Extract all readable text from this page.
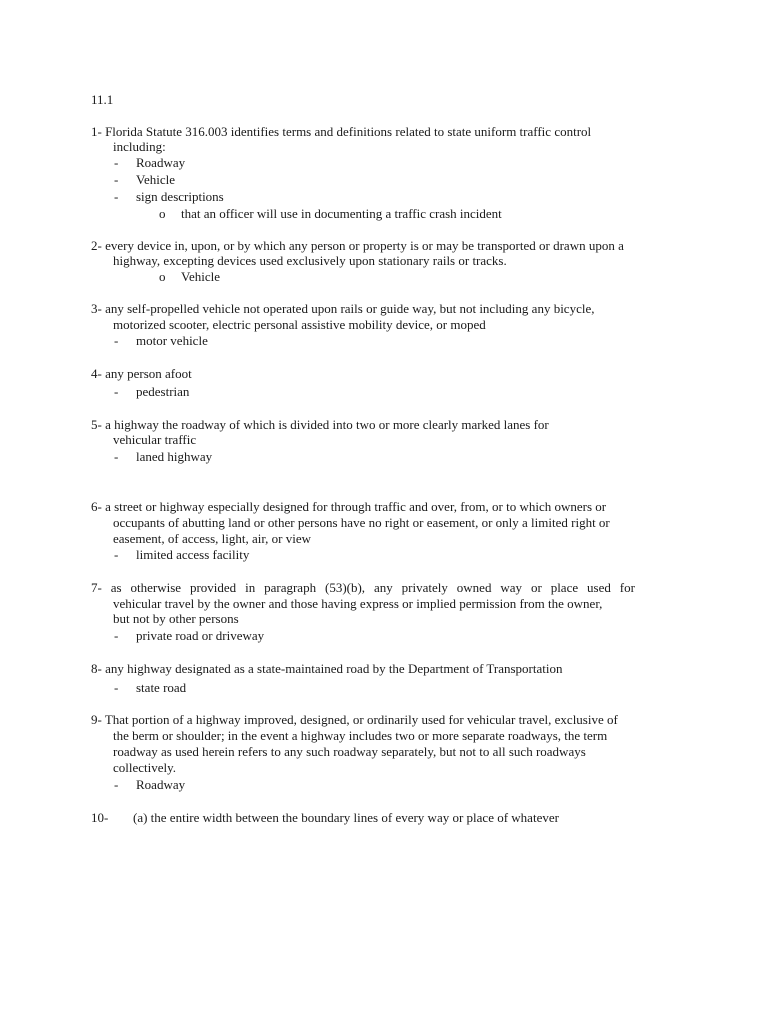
11.1
1- Florida Statute 316.003 identifies terms and definitions related to state uniform traffic control
including:
- Roadway
- Vehicle
- sign descriptions
o that an officer will use in documenting a traffic crash incident
2- every device in, upon, or by which any person or property is or may be transported or drawn upon a
highway, excepting devices used exclusively upon stationary rails or tracks.
o Vehicle
3- any self-propelled vehicle not operated upon rails or guide way, but not including any bicycle,
motorized scooter, electric personal assistive mobility device, or moped
- motor vehicle
4- any person afoot
- pedestrian
5- a highway the roadway of which is divided into two or more clearly marked lanes for
vehicular traffic
- laned highway
6- a street or highway especially designed for through traffic and over, from, or to which owners or
occupants of abutting land or other persons have no right or easement, or only a limited right or
easement, of access, light, air, or view
- limited access facility
7- as otherwise provided in paragraph (53)(b), any privately owned way or place used for
vehicular travel by the owner and those having express or implied permission from the owner,
but not by other persons
- private road or driveway
8- any highway designated as a state-maintained road by the Department of Transportation
- state road
9- That portion of a highway improved, designed, or ordinarily used for vehicular travel, exclusive of
the berm or shoulder; in the event a highway includes two or more separate roadways, the term
roadway as used herein refers to any such roadway separately, but not to all such roadways
collectively.
- Roadway
10- (a) the entire width between the boundary lines of every way or place of whatever
